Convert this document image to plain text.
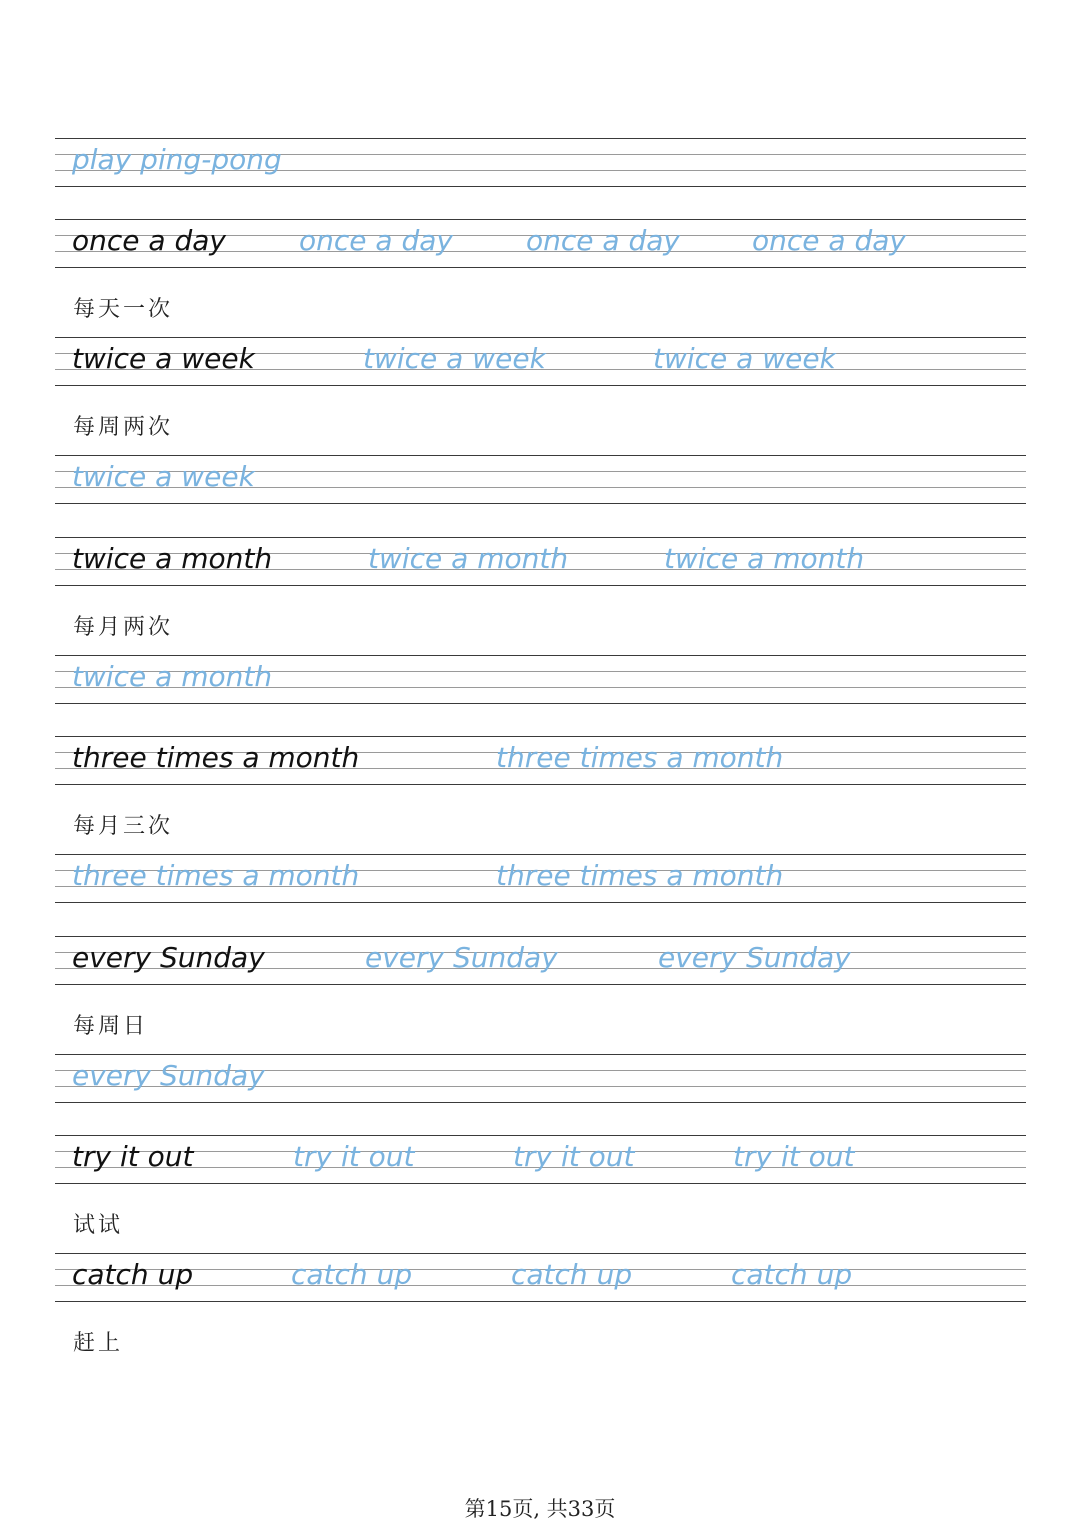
play ping-pong
once a day	once a day	once a day	once a day
每天一次
twice a week	twice a week	twice a week
每周两次
twice a week
twice a month	twice a month	twice a month
每月两次
twice a month
three times a month	three times a month
每月三次
three times a month	three times a month
every Sunday	every Sunday	every Sunday
每周日
every Sunday
try it out	try it out	try it out	try it out
试试
catch up	catch up	catch up	catch up
赶上
第15页, 共33页
